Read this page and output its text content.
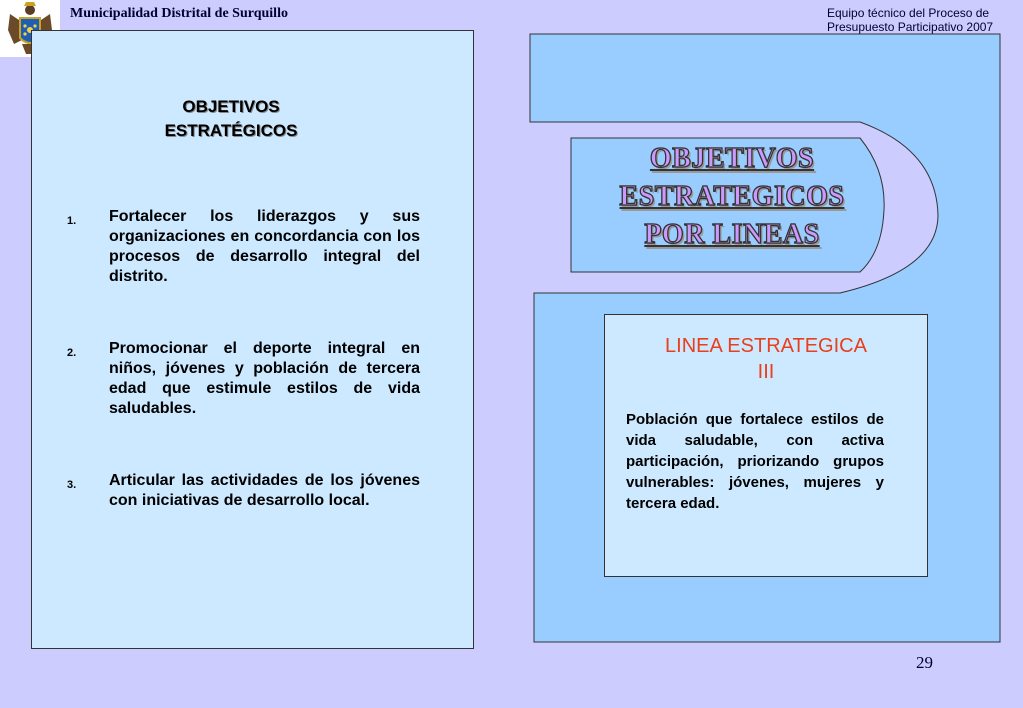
Municipalidad Distrital de Surquillo	Equipo técnico del Proceso de
Presupuesto Participativo 2007
OBJETIVOS
ESTRATÉGICOS
1.	Fortalecer los liderazgos y sus organizaciones en concordancia con los procesos de desarrollo integral del distrito.
2.	Promocionar el deporte integral en niños, jóvenes y población de tercera edad que estimule estilos de vida saludables.
3.	Articular las actividades de los jóvenes con iniciativas de desarrollo local.
OBJETIVOS
ESTRATEGICOS
POR LINEAS
LINEA ESTRATEGICA
III
Población que fortalece estilos de vida saludable, con activa participación, priorizando grupos vulnerables: jóvenes, mujeres y tercera edad.
29
